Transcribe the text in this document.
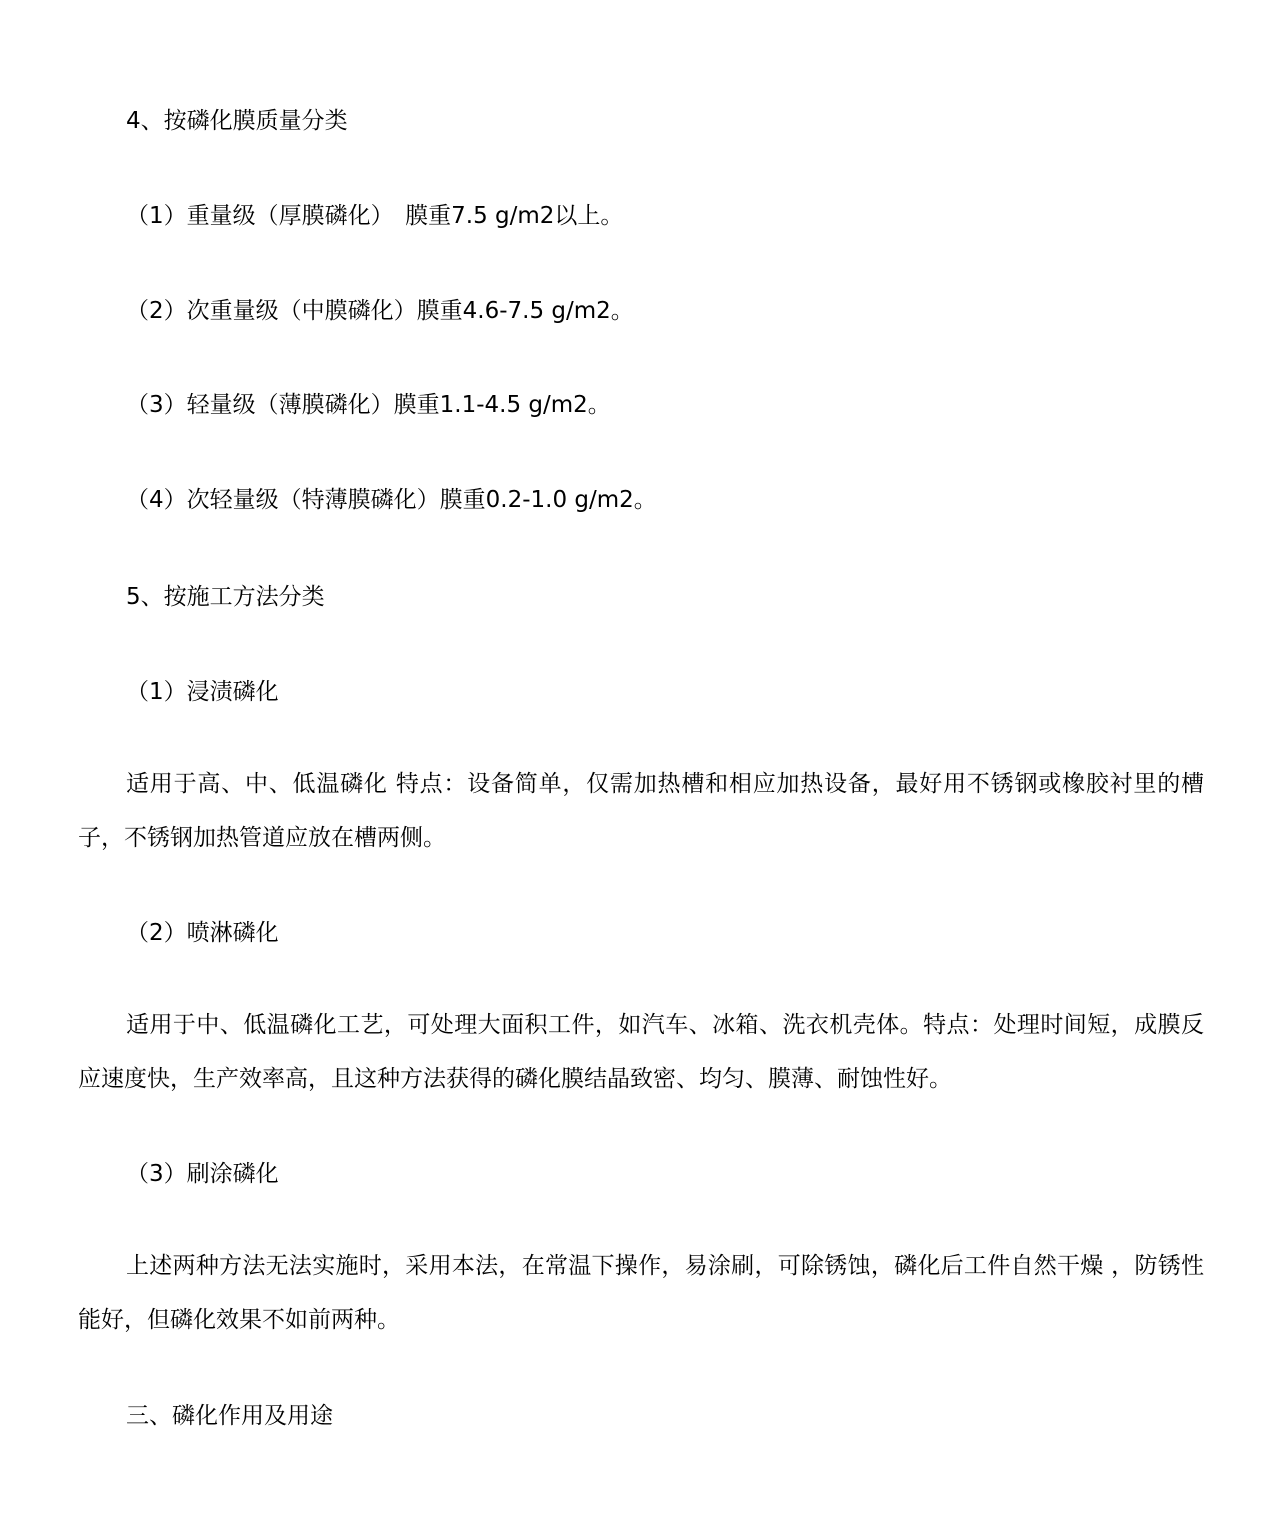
4、按磷化膜质量分类
（1）重量级（厚膜磷化）　膜重7.5 g/m2以上。
（2）次重量级（中膜磷化）膜重4.6-7.5 g/m2。
（3）轻量级（薄膜磷化）膜重1.1-4.5 g/m2。
（4）次轻量级（特薄膜磷化）膜重0.2-1.0 g/m2。
5、按施工方法分类
（1）浸渍磷化
适用于高、中、低温磷化 特点：设备简单，仅需加热槽和相应加热设备，最好用不锈钢或橡胶衬里的槽子，不锈钢加热管道应放在槽两侧。
（2）喷淋磷化
适用于中、低温磷化工艺，可处理大面积工件，如汽车、冰箱、洗衣机壳体。特点：处理时间短，成膜反应速度快，生产效率高，且这种方法获得的磷化膜结晶致密、均匀、膜薄、耐蚀性好。
（3）刷涂磷化
上述两种方法无法实施时，采用本法，在常温下操作，易涂刷，可除锈蚀，磷化后工件自然干燥 ，防锈性能好，但磷化效果不如前两种。
三、磷化作用及用途
